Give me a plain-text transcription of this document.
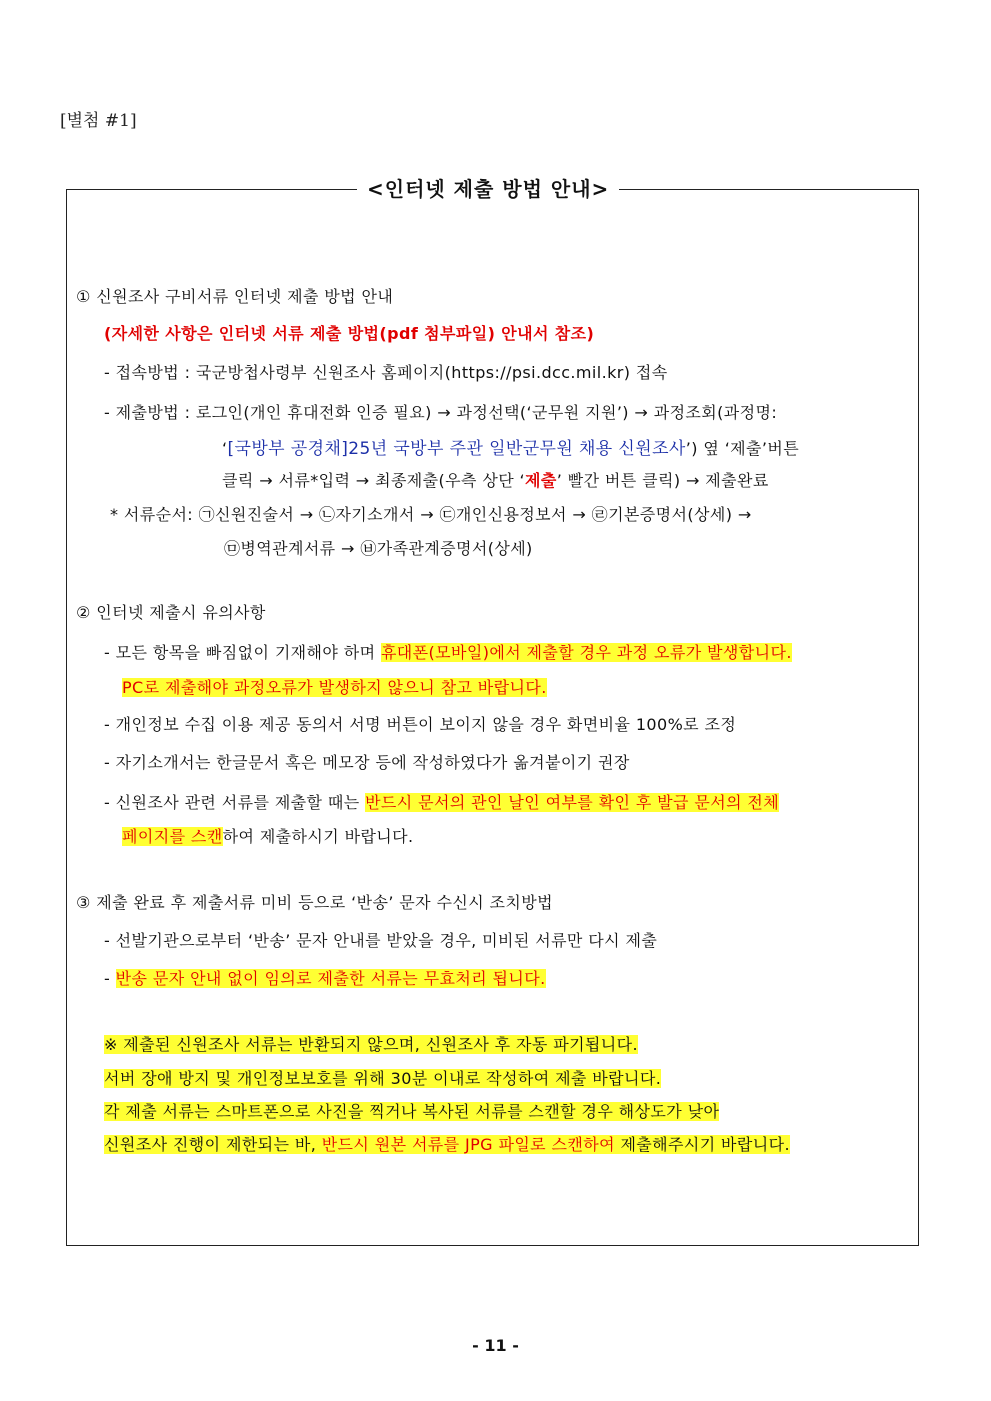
[별첨 #1]
<인터넷 제출 방법 안내>
① 신원조사 구비서류 인터넷 제출 방법 안내
(자세한 사항은 인터넷 서류 제출 방법(pdf 첨부파일) 안내서 참조)
- 접속방법 : 국군방첩사령부 신원조사 홈페이지(https://psi.dcc.mil.kr) 접속
- 제출방법 : 로그인(개인 휴대전화 인증 필요) → 과정선택(‘군무원 지원’) → 과정조회(과정명:
‘[국방부 공경채]25년 국방부 주관 일반군무원 채용 신원조사’) 옆 ‘제출’버튼
클릭 → 서류*입력 → 최종제출(우측 상단 ‘제출’ 빨간 버튼 클릭) → 제출완료
* 서류순서: ㉠신원진술서 → ㉡자기소개서 → ㉢개인신용정보서 → ㉣기본증명서(상세) →
㉤병역관계서류 → ㉥가족관계증명서(상세)
② 인터넷 제출시 유의사항
- 모든 항목을 빠짐없이 기재해야 하며 휴대폰(모바일)에서 제출할 경우 과정 오류가 발생합니다.
PC로 제출해야 과정오류가 발생하지 않으니 참고 바랍니다.
- 개인정보 수집 이용 제공 동의서 서명 버튼이 보이지 않을 경우 화면비율 100%로 조정
- 자기소개서는 한글문서 혹은 메모장 등에 작성하였다가 옮겨붙이기 권장
- 신원조사 관련 서류를 제출할 때는 반드시 문서의 관인 날인 여부를 확인 후 발급 문서의 전체
페이지를 스캔하여 제출하시기 바랍니다.
③ 제출 완료 후 제출서류 미비 등으로 ‘반송’ 문자 수신시 조치방법
- 선발기관으로부터 ‘반송’ 문자 안내를 받았을 경우, 미비된 서류만 다시 제출
- 반송 문자 안내 없이 임의로 제출한 서류는 무효처리 됩니다.
※ 제출된 신원조사 서류는 반환되지 않으며, 신원조사 후 자동 파기됩니다.
서버 장애 방지 및 개인정보보호를 위해 30분 이내로 작성하여 제출 바랍니다.
각 제출 서류는 스마트폰으로 사진을 찍거나 복사된 서류를 스캔할 경우 해상도가 낮아
신원조사 진행이 제한되는 바, 반드시 원본 서류를 JPG 파일로 스캔하여 제출해주시기 바랍니다.
- 11 -
